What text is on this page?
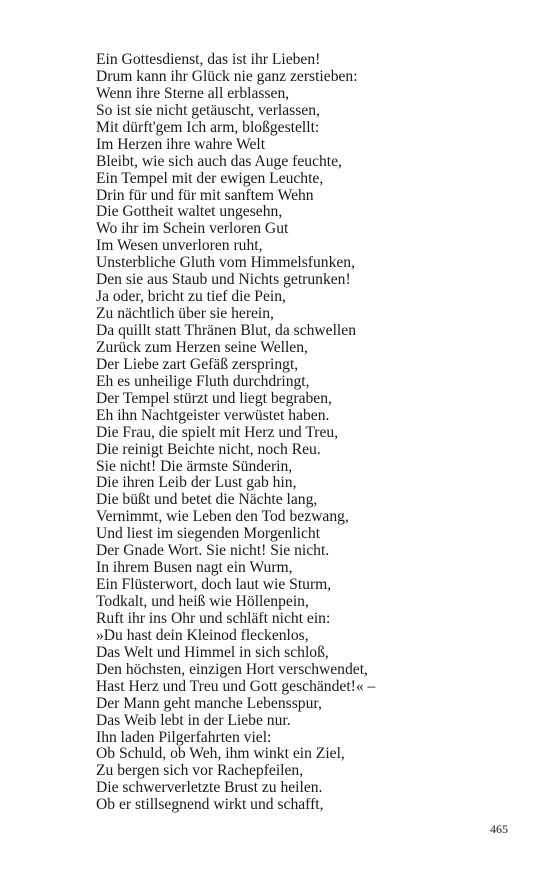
Ein Gottesdienst, das ist ihr Lieben!
Drum kann ihr Glück nie ganz zerstieben:
Wenn ihre Sterne all erblassen,
So ist sie nicht getäuscht, verlassen,
Mit dürft'gem Ich arm, bloßgestellt:
Im Herzen ihre wahre Welt
Bleibt, wie sich auch das Auge feuchte,
Ein Tempel mit der ewigen Leuchte,
Drin für und für mit sanftem Wehn
Die Gottheit waltet ungesehn,
Wo ihr im Schein verloren Gut
Im Wesen unverloren ruht,
Unsterbliche Gluth vom Himmelsfunken,
Den sie aus Staub und Nichts getrunken!
Ja oder, bricht zu tief die Pein,
Zu nächtlich über sie herein,
Da quillt statt Thränen Blut, da schwellen
Zurück zum Herzen seine Wellen,
Der Liebe zart Gefäß zerspringt,
Eh es unheilige Fluth durchdringt,
Der Tempel stürzt und liegt begraben,
Eh ihn Nachtgeister verwüstet haben.
Die Frau, die spielt mit Herz und Treu,
Die reinigt Beichte nicht, noch Reu.
Sie nicht! Die ärmste Sünderin,
Die ihren Leib der Lust gab hin,
Die büßt und betet die Nächte lang,
Vernimmt, wie Leben den Tod bezwang,
Und liest im siegenden Morgenlicht
Der Gnade Wort. Sie nicht! Sie nicht.
In ihrem Busen nagt ein Wurm,
Ein Flüsterwort, doch laut wie Sturm,
Todkalt, und heiß wie Höllenpein,
Ruft ihr ins Ohr und schläft nicht ein:
»Du hast dein Kleinod fleckenlos,
Das Welt und Himmel in sich schloß,
Den höchsten, einzigen Hort verschwendet,
Hast Herz und Treu und Gott geschändet!« –
Der Mann geht manche Lebensspur,
Das Weib lebt in der Liebe nur.
Ihn laden Pilgerfahrten viel:
Ob Schuld, ob Weh, ihm winkt ein Ziel,
Zu bergen sich vor Rachepfeilen,
Die schwerverletzte Brust zu heilen.
Ob er stillsegnend wirkt und schafft,
465
